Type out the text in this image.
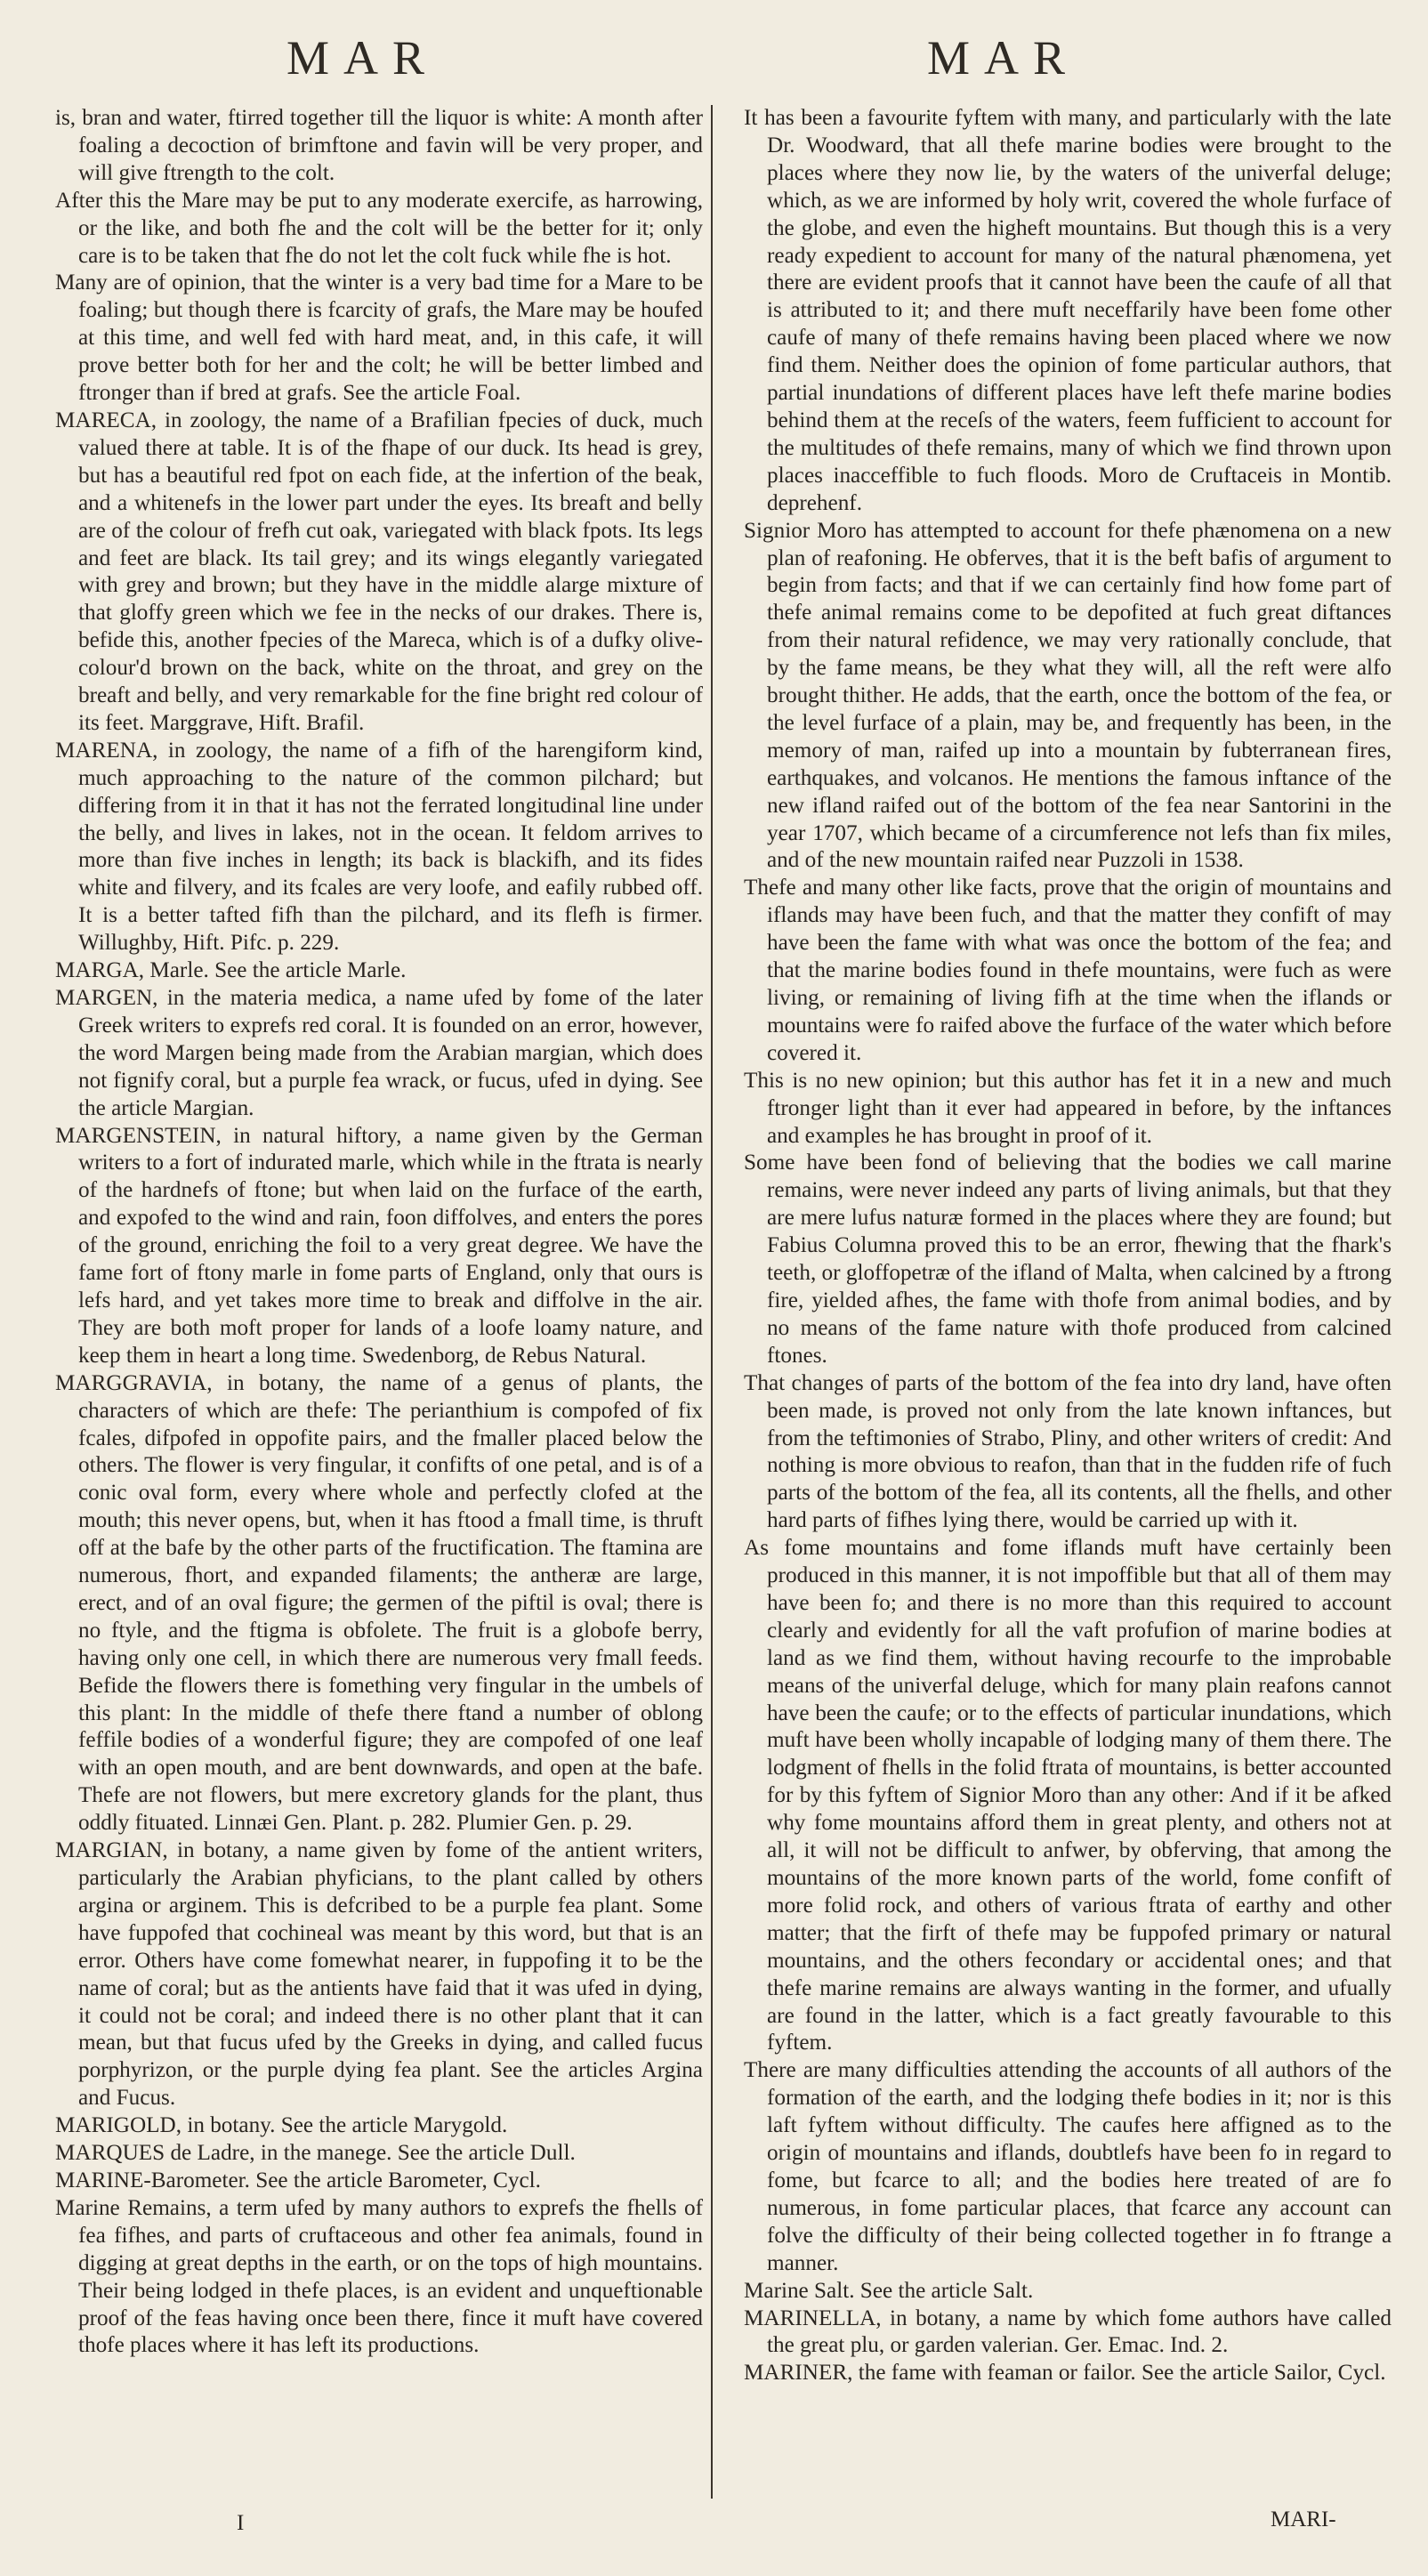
MAR	MAR

is, bran and water, ftirred together till the liquor is white: A month after foaling a decoction of brimftone and favin will be very proper, and will give ftrength to the colt.

After this the Mare may be put to any moderate exercife, as harrowing, or the like, and both fhe and the colt will be the better for it; only care is to be taken that fhe do not let the colt fuck while fhe is hot.

Many are of opinion, that the winter is a very bad time for a Mare to be foaling; but though there is fcarcity of grafs, the Mare may be houfed at this time, and well fed with hard meat, and, in this cafe, it will prove better both for her and the colt; he will be better limbed and ftronger than if bred at grafs. See the article Foal.

MARECA, in zoology, the name of a Brafilian fpecies of duck, much valued there at table. It is of the fhape of our duck. Its head is grey, but has a beautiful red fpot on each fide, at the infertion of the beak, and a whitenefs in the lower part under the eyes. Its breaft and belly are of the colour of frefh cut oak, variegated with black fpots. Its legs and feet are black. Its tail grey; and its wings elegantly variegated with grey and brown; but they have in the middle alarge mixture of that gloffy green which we fee in the necks of our drakes. There is, befide this, another fpecies of the Mareca, which is of a dufky olive-colour'd brown on the back, white on the throat, and grey on the breaft and belly, and very remarkable for the fine bright red colour of its feet. Marggrave, Hift. Brafil.

MARENA, in zoology, the name of a fifh of the harengiform kind, much approaching to the nature of the common pilchard; but differing from it in that it has not the ferrated longitudinal line under the belly, and lives in lakes, not in the ocean. It feldom arrives to more than five inches in length; its back is blackifh, and its fides white and filvery, and its fcales are very loofe, and eafily rubbed off. It is a better tafted fifh than the pilchard, and its flefh is firmer. Willughby, Hift. Pifc. p. 229.

MARGA, Marle. See the article Marle.

MARGEN, in the materia medica, a name ufed by fome of the later Greek writers to exprefs red coral. It is founded on an error, however, the word Margen being made from the Arabian margian, which does not fignify coral, but a purple fea wrack, or fucus, ufed in dying. See the article Margian.

MARGENSTEIN, in natural hiftory, a name given by the German writers to a fort of indurated marle, which while in the ftrata is nearly of the hardnefs of ftone; but when laid on the furface of the earth, and expofed to the wind and rain, foon diffolves, and enters the pores of the ground, enriching the foil to a very great degree. We have the fame fort of ftony marle in fome parts of England, only that ours is lefs hard, and yet takes more time to break and diffolve in the air. They are both moft proper for lands of a loofe loamy nature, and keep them in heart a long time. Swedenborg, de Rebus Natural.

MARGGRAVIA, in botany, the name of a genus of plants, the characters of which are thefe: The perianthium is compofed of fix fcales, difpofed in oppofite pairs, and the fmaller placed below the others. The flower is very fingular, it confifts of one petal, and is of a conic oval form, every where whole and perfectly clofed at the mouth; this never opens, but, when it has ftood a fmall time, is thruft off at the bafe by the other parts of the fructification. The ftamina are numerous, fhort, and expanded filaments; the antheræ are large, erect, and of an oval figure; the germen of the piftil is oval; there is no ftyle, and the ftigma is obfolete. The fruit is a globofe berry, having only one cell, in which there are numerous very fmall feeds. Befide the flowers there is fomething very fingular in the umbels of this plant: In the middle of thefe there ftand a number of oblong feffile bodies of a wonderful figure; they are compofed of one leaf with an open mouth, and are bent downwards, and open at the bafe. Thefe are not flowers, but mere excretory glands for the plant, thus oddly fituated. Linnæi Gen. Plant. p. 282. Plumier Gen. p. 29.

MARGIAN, in botany, a name given by fome of the antient writers, particularly the Arabian phyficians, to the plant called by others argina or arginem. This is defcribed to be a purple fea plant. Some have fuppofed that cochineal was meant by this word, but that is an error. Others have come fomewhat nearer, in fuppofing it to be the name of coral; but as the antients have faid that it was ufed in dying, it could not be coral; and indeed there is no other plant that it can mean, but that fucus ufed by the Greeks in dying, and called fucus porphyrizon, or the purple dying fea plant. See the articles Argina and Fucus.

MARIGOLD, in botany. See the article Marygold.

MARQUES de Ladre, in the manege. See the article Dull.

MARINE-Barometer. See the article Barometer, Cycl.

Marine Remains, a term ufed by many authors to exprefs the fhells of fea fifhes, and parts of cruftaceous and other fea animals, found in digging at great depths in the earth, or on the tops of high mountains. Their being lodged in thefe places, is an evident and unqueftionable proof of the feas having once been there, fince it muft have covered thofe places where it has left its productions.

It has been a favourite fyftem with many, and particularly with the late Dr. Woodward, that all thefe marine bodies were brought to the places where they now lie, by the waters of the univerfal deluge; which, as we are informed by holy writ, covered the whole furface of the globe, and even the higheft mountains. But though this is a very ready expedient to account for many of the natural phænomena, yet there are evident proofs that it cannot have been the caufe of all that is attributed to it; and there muft neceffarily have been fome other caufe of many of thefe remains having been placed where we now find them. Neither does the opinion of fome particular authors, that partial inundations of different places have left thefe marine bodies behind them at the receſs of the waters, feem fufficient to account for the multitudes of thefe remains, many of which we find thrown upon places inacceffible to fuch floods. Moro de Cruftaceis in Montib. deprehenf.

Signior Moro has attempted to account for thefe phænomena on a new plan of reafoning. He obferves, that it is the beft bafis of argument to begin from facts; and that if we can certainly find how fome part of thefe animal remains come to be depofited at fuch great diftances from their natural refidence, we may very rationally conclude, that by the fame means, be they what they will, all the reft were alfo brought thither. He adds, that the earth, once the bottom of the fea, or the level furface of a plain, may be, and frequently has been, in the memory of man, raifed up into a mountain by fubterranean fires, earthquakes, and volcanos. He mentions the famous inftance of the new ifland raifed out of the bottom of the fea near Santorini in the year 1707, which became of a circumference not lefs than fix miles, and of the new mountain raifed near Puzzoli in 1538.

Thefe and many other like facts, prove that the origin of mountains and iflands may have been fuch, and that the matter they confift of may have been the fame with what was once the bottom of the fea; and that the marine bodies found in thefe mountains, were fuch as were living, or remaining of living fifh at the time when the iflands or mountains were fo raifed above the furface of the water which before covered it.

This is no new opinion; but this author has fet it in a new and much ftronger light than it ever had appeared in before, by the inftances and examples he has brought in proof of it.

Some have been fond of believing that the bodies we call marine remains, were never indeed any parts of living animals, but that they are mere lufus naturæ formed in the places where they are found; but Fabius Columna proved this to be an error, fhewing that the fhark's teeth, or gloffopetræ of the ifland of Malta, when calcined by a ftrong fire, yielded afhes, the fame with thofe from animal bodies, and by no means of the fame nature with thofe produced from calcined ftones.

That changes of parts of the bottom of the fea into dry land, have often been made, is proved not only from the late known inftances, but from the teftimonies of Strabo, Pliny, and other writers of credit: And nothing is more obvious to reafon, than that in the fudden rife of fuch parts of the bottom of the fea, all its contents, all the fhells, and other hard parts of fifhes lying there, would be carried up with it.

As fome mountains and fome iflands muft have certainly been produced in this manner, it is not impoffible but that all of them may have been fo; and there is no more than this required to account clearly and evidently for all the vaft profufion of marine bodies at land as we find them, without having recourfe to the improbable means of the univerfal deluge, which for many plain reafons cannot have been the caufe; or to the effects of particular inundations, which muft have been wholly incapable of lodging many of them there. The lodgment of fhells in the folid ftrata of mountains, is better accounted for by this fyftem of Signior Moro than any other: And if it be afked why fome mountains afford them in great plenty, and others not at all, it will not be difficult to anfwer, by obferving, that among the mountains of the more known parts of the world, fome confift of more folid rock, and others of various ftrata of earthy and other matter; that the firft of thefe may be fuppofed primary or natural mountains, and the others fecondary or accidental ones; and that thefe marine remains are always wanting in the former, and ufually are found in the latter, which is a fact greatly favourable to this fyftem.

There are many difficulties attending the accounts of all authors of the formation of the earth, and the lodging thefe bodies in it; nor is this laft fyftem without difficulty. The caufes here affigned as to the origin of mountains and iflands, doubtlefs have been fo in regard to fome, but fcarce to all; and the bodies here treated of are fo numerous, in fome particular places, that fcarce any account can folve the difficulty of their being collected together in fo ftrange a manner.

Marine Salt. See the article Salt.

MARINELLA, in botany, a name by which fome authors have called the great plu, or garden valerian. Ger. Emac. Ind. 2.

MARINER, the fame with feaman or failor. See the article Sailor, Cycl.

I	MARI-
